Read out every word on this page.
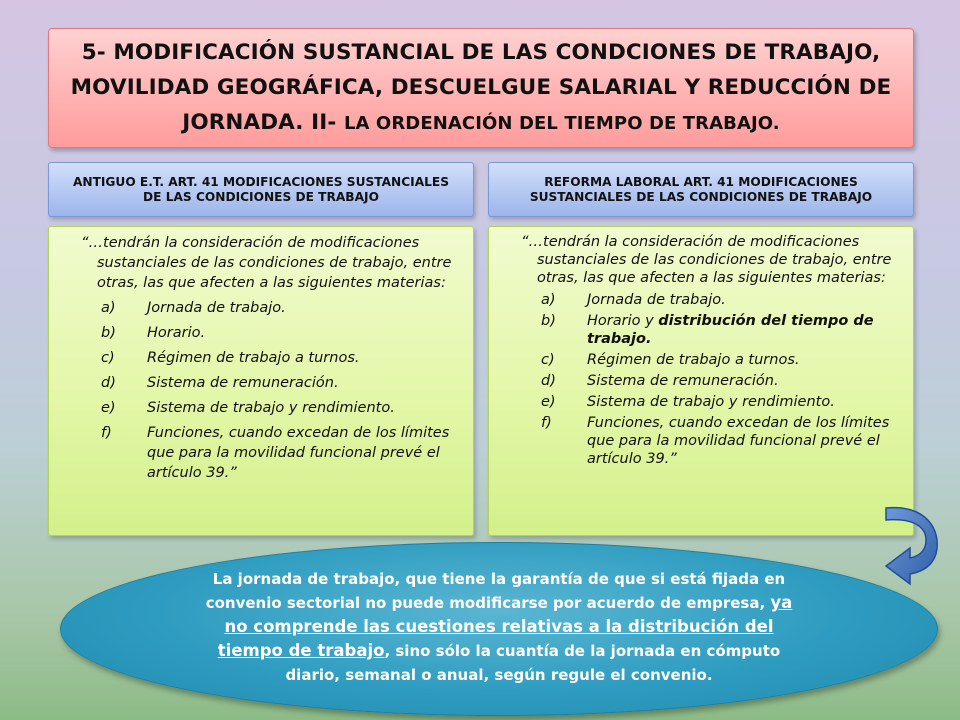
5- MODIFICACIÓN SUSTANCIAL DE LAS CONDCIONES DE TRABAJO, MOVILIDAD GEOGRÁFICA, DESCUELGUE SALARIAL Y REDUCCIÓN DE JORNADA. II- LA ORDENACIÓN DEL TIEMPO DE TRABAJO.
ANTIGUO E.T. ART. 41 MODIFICACIONES SUSTANCIALES DE LAS CONDICIONES DE TRABAJO
REFORMA LABORAL ART. 41 MODIFICACIONES SUSTANCIALES DE LAS CONDICIONES DE TRABAJO
“…tendrán la consideración de modificaciones sustanciales de las condiciones de trabajo, entre otras, las que afecten a las siguientes materias:
a)	Jornada de trabajo.
b)	Horario.
c)	Régimen de trabajo a turnos.
d)	Sistema de remuneración.
e)	Sistema de trabajo y rendimiento.
f)	Funciones, cuando excedan de los límites que para la movilidad funcional prevé el artículo 39.”
“…tendrán la consideración de modificaciones sustanciales de las condiciones de trabajo, entre otras, las que afecten a las siguientes materias:
a)	Jornada de trabajo.
b)	Horario y distribución del tiempo de trabajo.
c)	Régimen de trabajo a turnos.
d)	Sistema de remuneración.
e)	Sistema de trabajo y rendimiento.
f)	Funciones, cuando excedan de los límites que para la movilidad funcional prevé el artículo 39.”
La jornada de trabajo, que tiene la garantía de que si está fijada en convenio sectorial no puede modificarse por acuerdo de empresa, ya no comprende las cuestiones relativas a la distribución del tiempo de trabajo, sino sólo la cuantía de la jornada en cómputo diario, semanal o anual, según regule el convenio.
